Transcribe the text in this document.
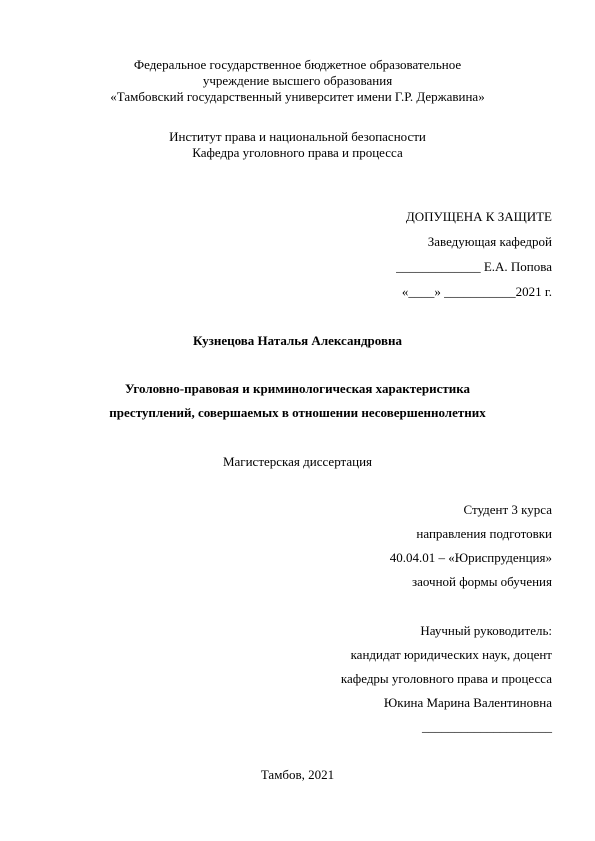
Федеральное государственное бюджетное образовательное
учреждение высшего образования
«Тамбовский государственный университет имени Г.Р. Державина»
Институт права и национальной безопасности
Кафедра уголовного права и процесса
ДОПУЩЕНА К ЗАЩИТЕ
Заведующая кафедрой
_____________ Е.А. Попова
«____» ___________2021 г.
Кузнецова Наталья Александровна
Уголовно-правовая и криминологическая характеристика
преступлений, совершаемых в отношении несовершеннолетних
Магистерская диссертация
Студент 3 курса
направления подготовки
40.04.01 – «Юриспруденция»
заочной формы обучения
Научный руководитель:
кандидат юридических наук, доцент
кафедры уголовного права и процесса
Юкина Марина Валентиновна
____________________
Тамбов, 2021
